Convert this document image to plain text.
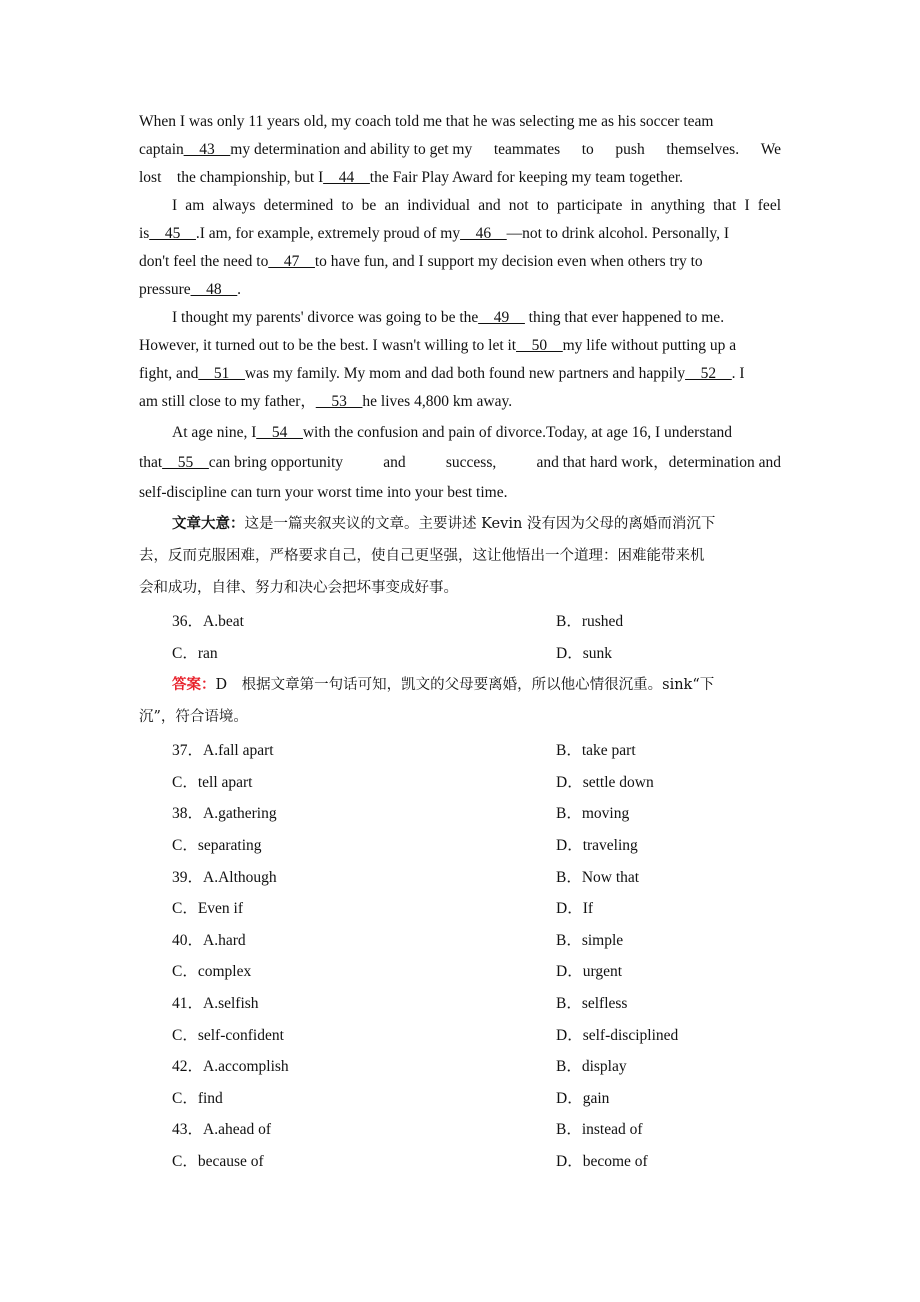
When I was only 11 years old, my coach told me that he was selecting me as his soccer team
captain__43__my determination and ability to get my teammates to push themselves. We
lost the championship, but I__44__the Fair Play Award for keeping my team together.
I am always determined to be an individual and not to participate in anything that I feel
is__45__.I am, for example, extremely proud of my__46__—not to drink alcohol. Personally, I
don't feel the need to__47__to have fun, and I support my decision even when others try to
pressure__48__.
I thought my parents' divorce was going to be the__49__ thing that ever happened to me.
However, it turned out to be the best. I wasn't willing to let it__50__my life without putting up a
fight, and__51__was my family. My mom and dad both found new partners and happily__52__. I
am still close to my father，__53__he lives 4,800 km away.
At age nine, I__54__with the confusion and pain of divorce.Today, at age 16, I understand
that__55__can bring opportunity	and	success,	and that hard work，determination and
self-discipline can turn your worst time into your best time.
文章大意：这是一篇夹叙夹议的文章。主要讲述 Kevin 没有因为父母的离婚而消沉下
去，反而克服困难，严格要求自己，使自己更坚强，这让他悟出一个道理：困难能带来机
会和成功，自律、努力和决心会把坏事变成好事。
36．A.beat	B．rushed
C．ran	D．sunk
答案：D　根据文章第一句话可知，凯文的父母要离婚，所以他心情很沉重。sink“下
沉”，符合语境。
37．A.fall apart	B．take part
C．tell apart	D．settle down
38．A.gathering	B．moving
C．separating	D．traveling
39．A.Although	B．Now that
C．Even if	D．If
40．A.hard	B．simple
C．complex	D．urgent
41．A.selfish	B．selfless
C．self-confident	D．self-disciplined
42．A.accomplish	B．display
C．find	D．gain
43．A.ahead of	B．instead of
C．because of	D．become of
